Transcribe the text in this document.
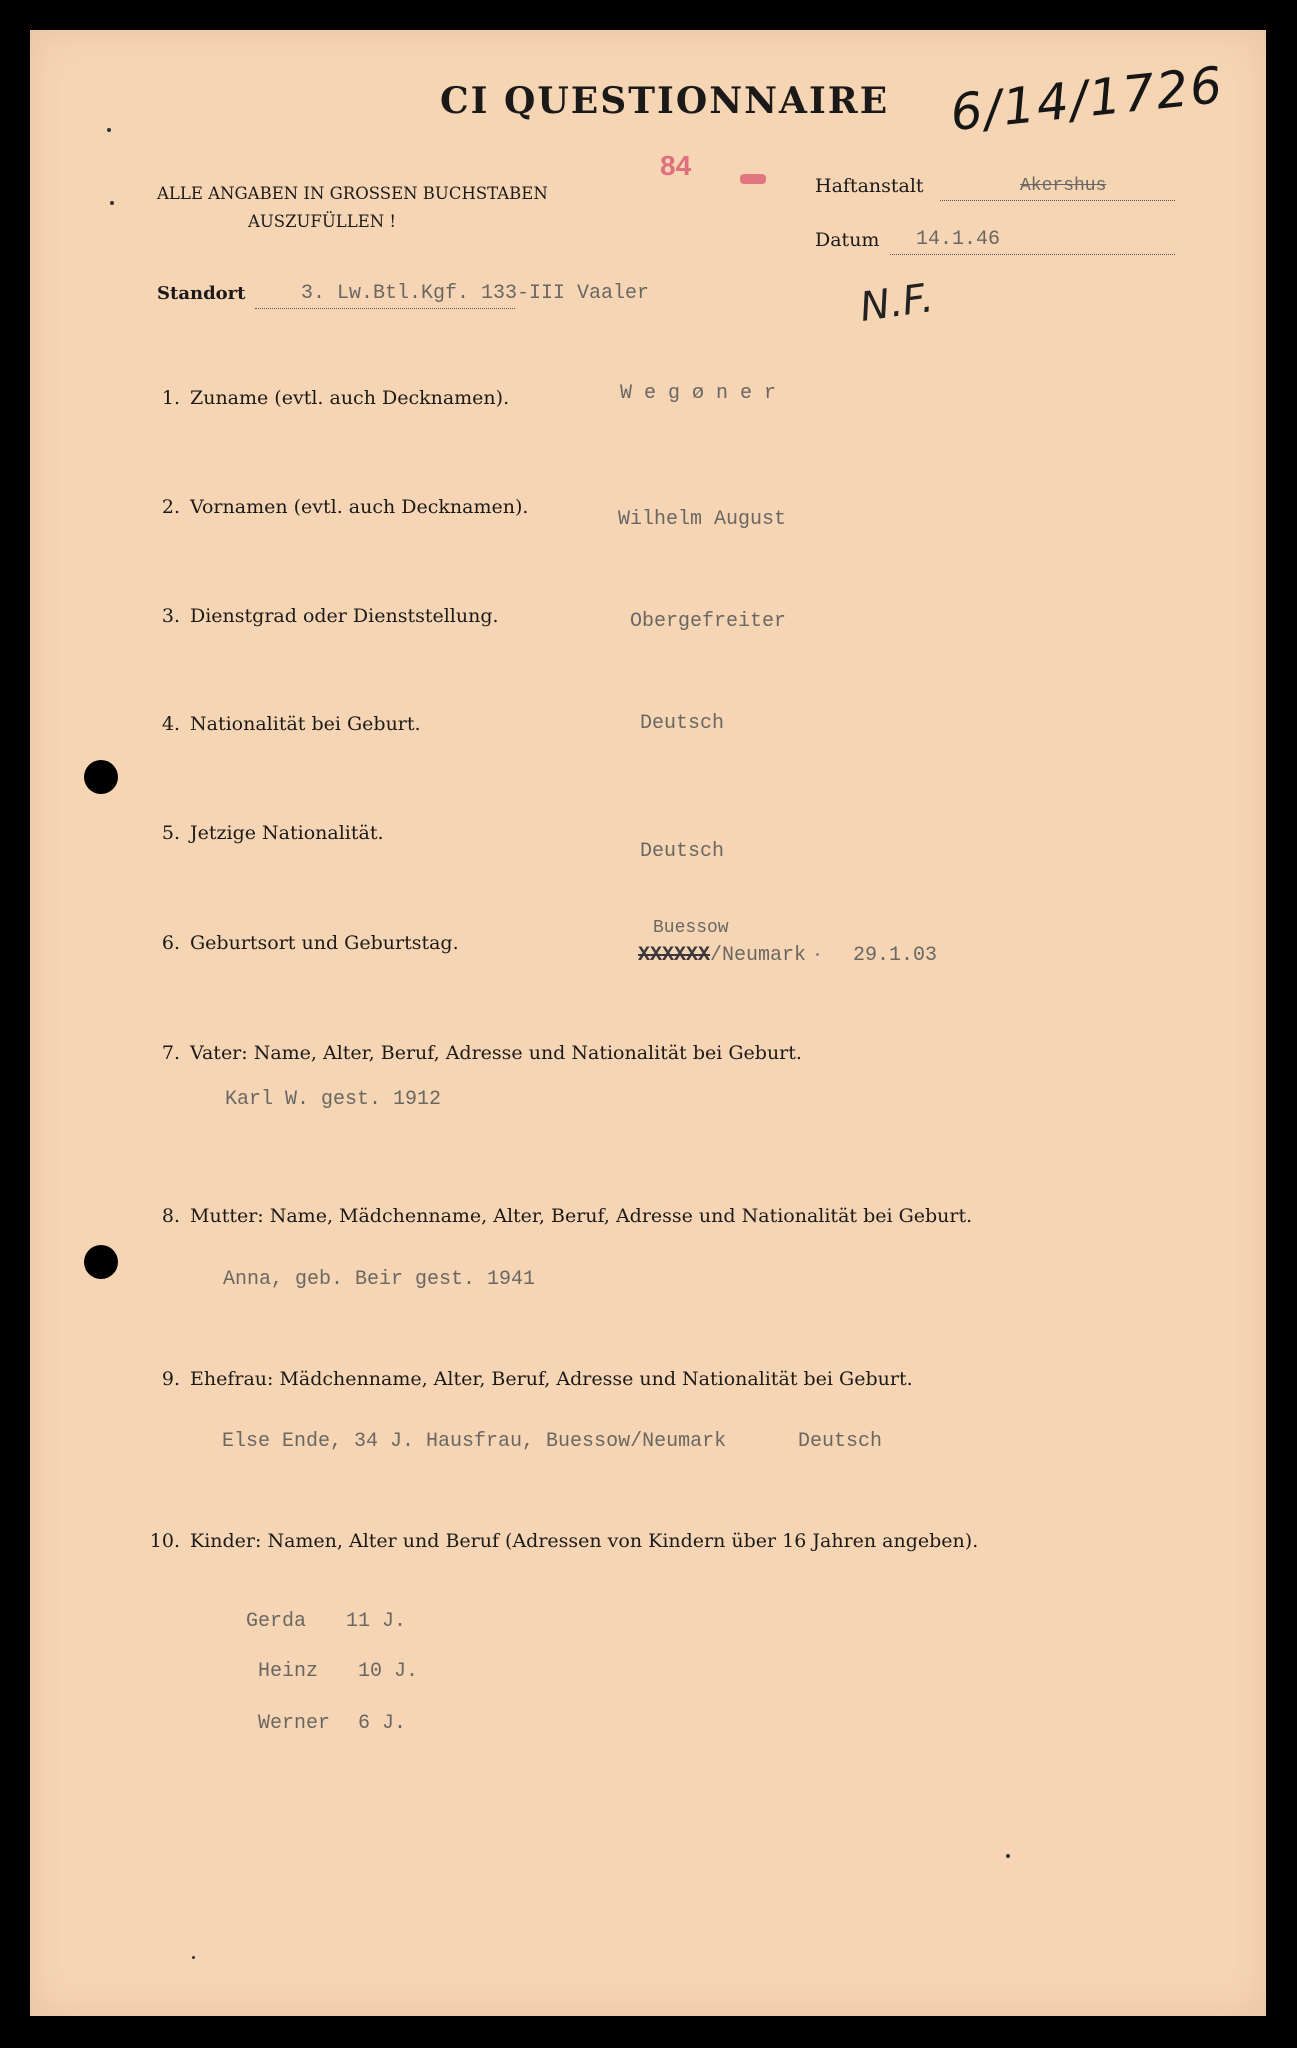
CI QUESTIONNAIRE 6/14/1726
84
ALLE ANGABEN IN GROSSEN BUCHSTABEN
AUSZUFÜLLEN !
Haftanstalt	Akershus
Datum 14.1.46
Standort	3. Lw.Btl.Kgf. 133-III Vaaler	N.F.
1. Zuname (evtl. auch Decknamen).	W e g ø n e r
2. Vornamen (evtl. auch Decknamen).
Wilhelm August
3. Dienstgrad oder Dienststellung.	Obergefreiter
4. Nationalität bei Geburt.	Deutsch
5. Jetzige Nationalität.
Deutsch
6. Geburtsort und Geburtstag.
Buessow
XXXXXX/Neumark 29.1.03
7. Vater: Name, Alter, Beruf, Adresse und Nationalität bei Geburt.
Karl W. gest. 1912
8. Mutter: Name, Mädchenname, Alter, Beruf, Adresse und Nationalität bei Geburt.
Anna, geb. Beir gest. 1941
9. Ehefrau: Mädchenname, Alter, Beruf, Adresse und Nationalität bei Geburt.
Else Ende, 34 J. Hausfrau, Buessow/Neumark	Deutsch
10. Kinder: Namen, Alter und Beruf (Adressen von Kindern über 16 Jahren angeben).
Gerda 11 J.
Heinz 10 J.
Werner 6 J.
